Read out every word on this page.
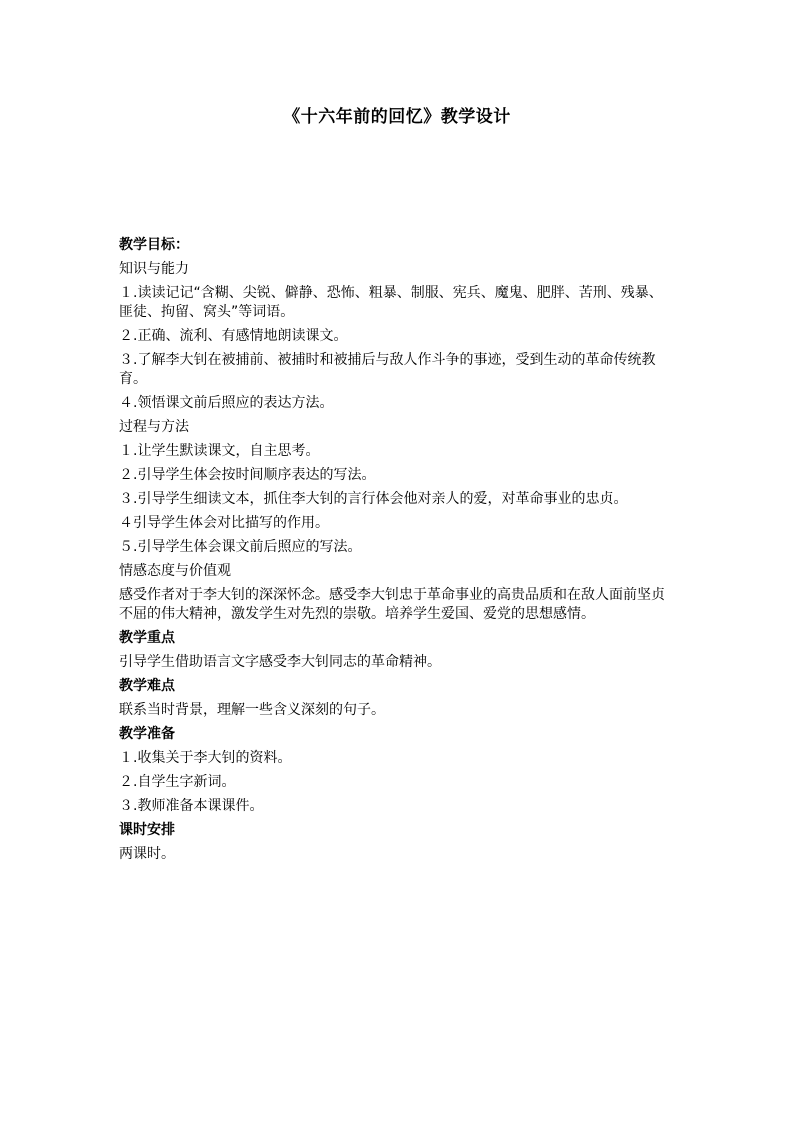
《十六年前的回忆》教学设计
教学目标：
知识与能力
１.读读记记“含糊、尖锐、僻静、恐怖、粗暴、制服、宪兵、魔鬼、肥胖、苦刑、残暴、匪徒、拘留、窝头”等词语。
２.正确、流利、有感情地朗读课文。
３.了解李大钊在被捕前、被捕时和被捕后与敌人作斗争的事迹，受到生动的革命传统教育。
４.领悟课文前后照应的表达方法。
过程与方法
１.让学生默读课文，自主思考。
２.引导学生体会按时间顺序表达的写法。
３.引导学生细读文本，抓住李大钊的言行体会他对亲人的爱，对革命事业的忠贞。
４引导学生体会对比描写的作用。
５.引导学生体会课文前后照应的写法。
情感态度与价值观
感受作者对于李大钊的深深怀念。感受李大钊忠于革命事业的高贵品质和在敌人面前坚贞不屈的伟大精神，激发学生对先烈的崇敬。培养学生爱国、爱党的思想感情。
教学重点
引导学生借助语言文字感受李大钊同志的革命精神。
教学难点
联系当时背景，理解一些含义深刻的句子。
教学准备
１.收集关于李大钊的资料。
２.自学生字新词。
３.教师准备本课课件。
课时安排
两课时。
